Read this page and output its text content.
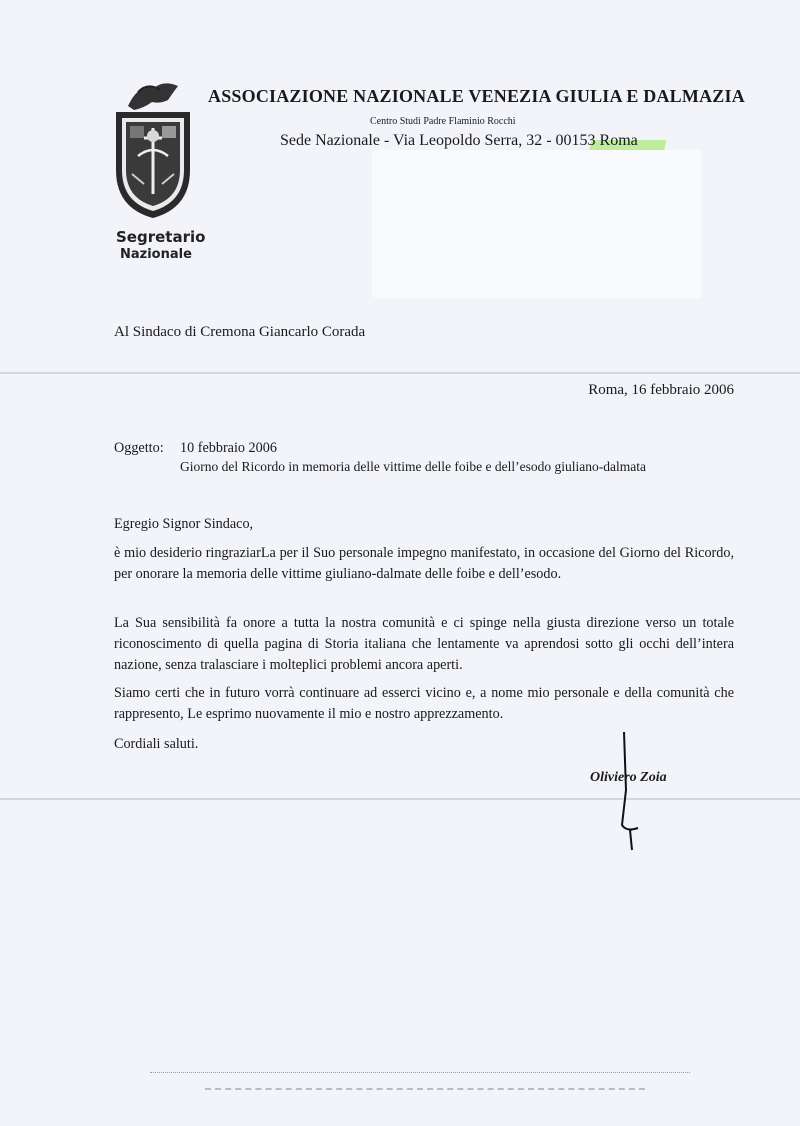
Segretario
Nazionale
ASSOCIAZIONE NAZIONALE VENEZIA GIULIA E DALMAZIA
Centro Studi Padre Flaminio Rocchi
Sede Nazionale - Via Leopoldo Serra, 32 - 00153 Roma
Al Sindaco di Cremona Giancarlo Corada
Roma, 16 febbraio 2006
Oggetto:	10 febbraio 2006
Giorno del Ricordo in memoria delle vittime delle foibe e dell’esodo giuliano-dalmata
Egregio Signor Sindaco,
è mio desiderio ringraziarLa per il Suo personale impegno manifestato, in occasione del Giorno del Ricordo, per onorare la memoria delle vittime giuliano-dalmate delle foibe e dell’esodo.
La Sua sensibilità fa onore a tutta la nostra comunità e ci spinge nella giusta direzione verso un totale riconoscimento di quella pagina di Storia italiana che lentamente va aprendosi sotto gli occhi dell’intera nazione, senza tralasciare i molteplici problemi ancora aperti.
Siamo certi che in futuro vorrà continuare ad esserci vicino e, a nome mio personale e della comunità che rappresento, Le esprimo nuovamente il mio e nostro apprezzamento.
Cordiali saluti.
Oliviero Zoia
